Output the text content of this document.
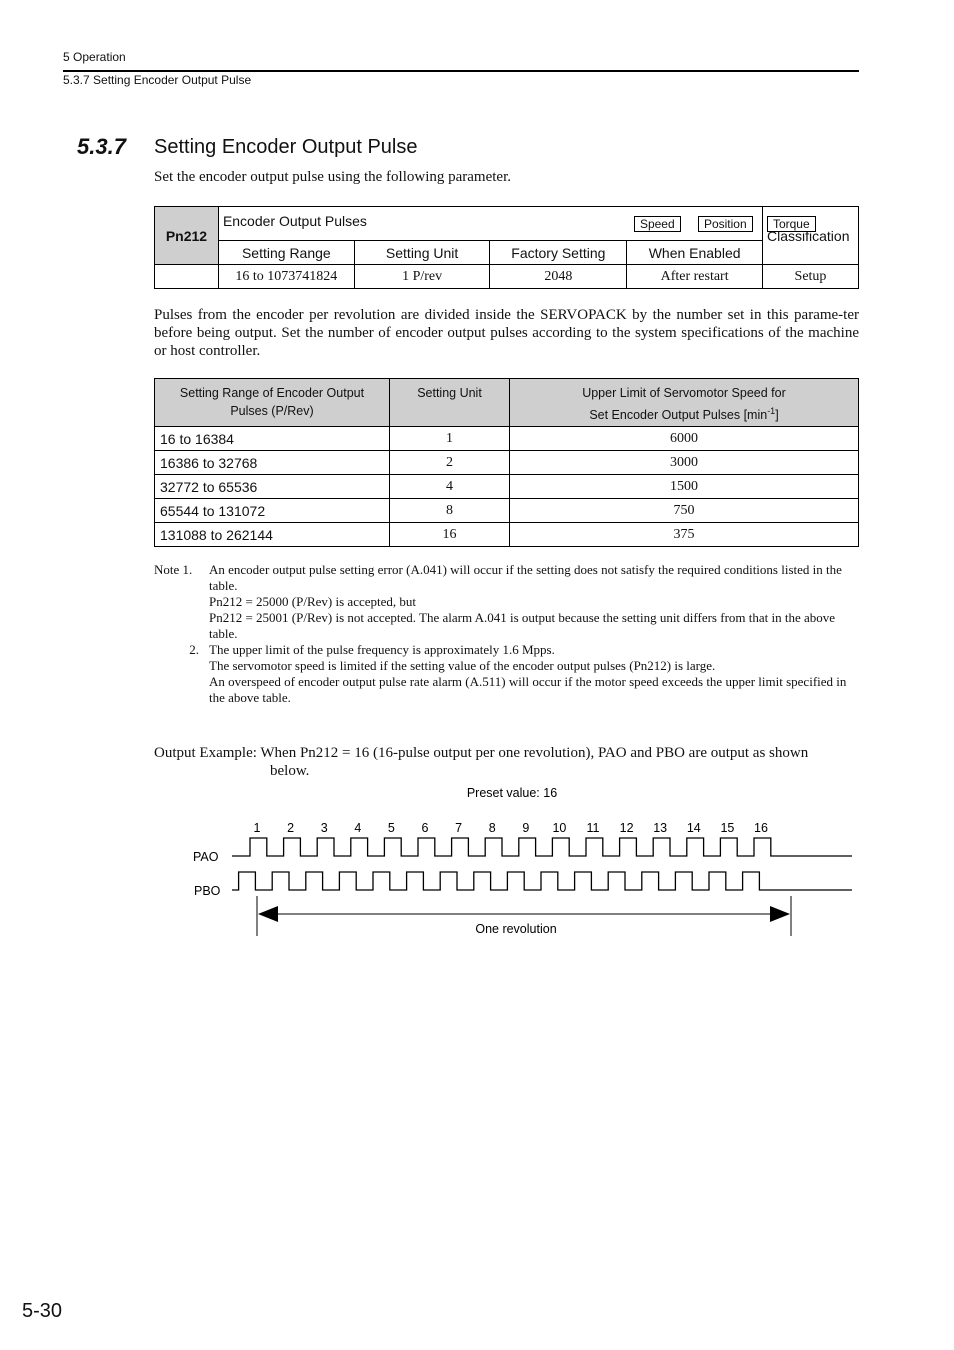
5 Operation
5.3.7 Setting Encoder Output Pulse
5.3.7 Setting Encoder Output Pulse
Set the encoder output pulse using the following parameter.
Pn212	Encoder Output Pulses Speed Position Torque				Classification
	Setting Range	Setting Unit	Factory Setting	When Enabled	
	16 to 1073741824	1 P/rev	2048	After restart	Setup
Pulses from the encoder per revolution are divided inside the SERVOPACK by the number set in this parame-ter before being output. Set the number of encoder output pulses according to the system specifications of the machine or host controller.
Setting Range of Encoder Output Pulses (P/Rev)	Setting Unit	Upper Limit of Servomotor Speed for
Set Encoder Output Pulses $[\min^{-1}]$

16 to 16384	1	6000
16386 to 32768	2	3000
32772 to 65536	4	1500
65544 to 131072	8	750
131088 to 262144	16	375
Note 1.	An encoder output pulse setting error (A.041) will occur if the setting does not satisfy the required conditions listed in the table.
Pn212 = 25000 (P/Rev) is accepted, but
Pn212 = 25001 (P/Rev) is not accepted. The alarm A.041 is output because the setting unit differs from that in the above table.
2. The upper limit of the pulse frequency is approximately 1.6 Mpps.
The servomotor speed is limited if the setting value of the encoder output pulses (Pn212) is large.
An overspeed of encoder output pulse rate alarm (A.511) will occur if the motor speed exceeds the upper limit specified in the above table.
Output Example: When Pn212 = 16 (16-pulse output per one revolution), PAO and PBO are output as shown
below.
Preset value: 16
1 2 3 4 5 6 7 8 9 10 11 12 13 14 15 16
PAO
PBO
One revolution
5-30
